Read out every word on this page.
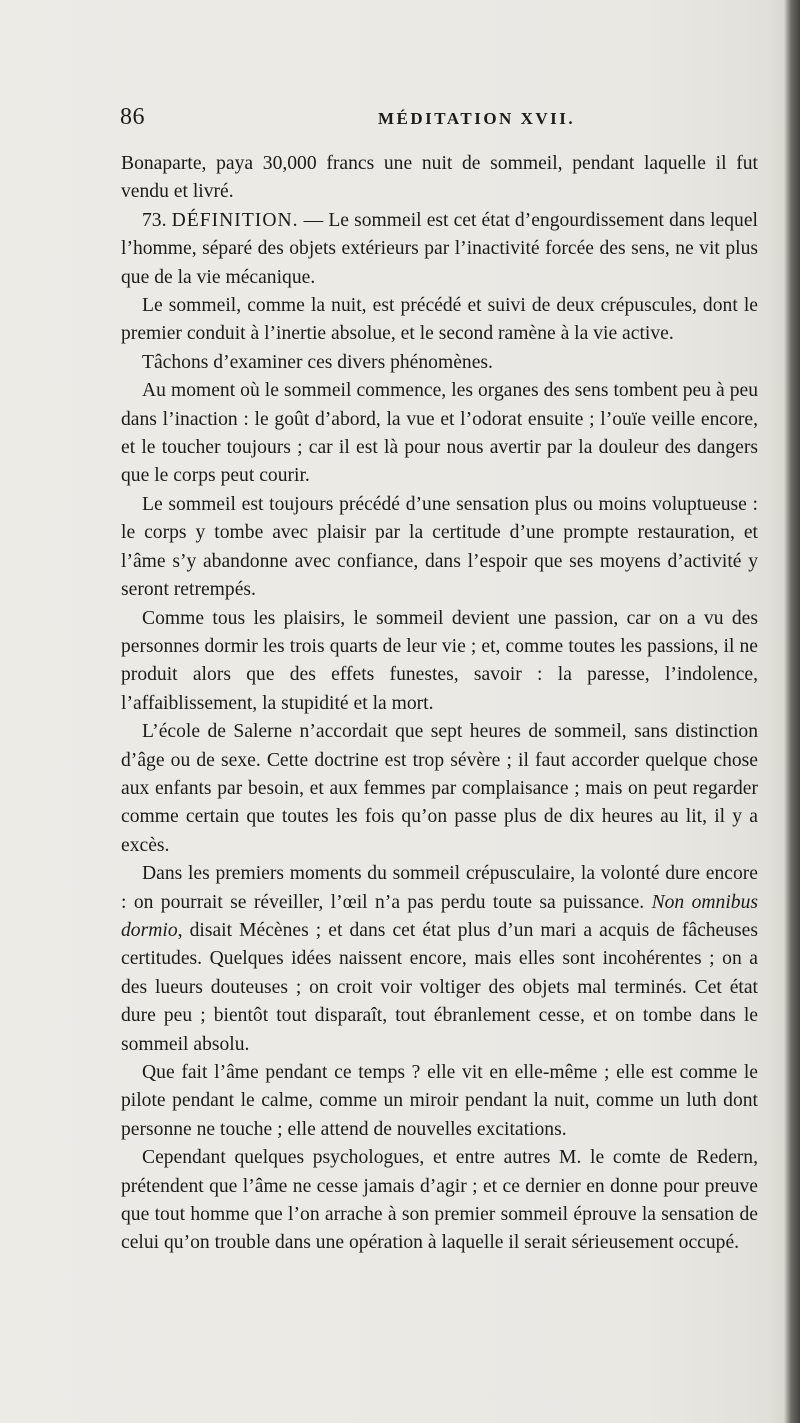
86	MÉDITATION XVII.

Bonaparte, paya 30,000 francs une nuit de sommeil, pendant laquelle il fut vendu et livré.

73. DÉFINITION. — Le sommeil est cet état d’engourdissement dans lequel l’homme, séparé des objets extérieurs par l’inactivité forcée des sens, ne vit plus que de la vie mécanique.

Le sommeil, comme la nuit, est précédé et suivi de deux crépuscules, dont le premier conduit à l’inertie absolue, et le second ramène à la vie active.

Tâchons d’examiner ces divers phénomènes.

Au moment où le sommeil commence, les organes des sens tombent peu à peu dans l’inaction : le goût d’abord, la vue et l’odorat ensuite ; l’ouïe veille encore, et le toucher toujours ; car il est là pour nous avertir par la douleur des dangers que le corps peut courir.

Le sommeil est toujours précédé d’une sensation plus ou moins voluptueuse : le corps y tombe avec plaisir par la certitude d’une prompte restauration, et l’âme s’y abandonne avec confiance, dans l’espoir que ses moyens d’activité y seront retrempés.

Comme tous les plaisirs, le sommeil devient une passion, car on a vu des personnes dormir les trois quarts de leur vie ; et, comme toutes les passions, il ne produit alors que des effets funestes, savoir : la paresse, l’indolence, l’affaiblissement, la stupidité et la mort.

L’école de Salerne n’accordait que sept heures de sommeil, sans distinction d’âge ou de sexe. Cette doctrine est trop sévère ; il faut accorder quelque chose aux enfants par besoin, et aux femmes par complaisance ; mais on peut regarder comme certain que toutes les fois qu’on passe plus de dix heures au lit, il y a excès.

Dans les premiers moments du sommeil crépusculaire, la volonté dure encore : on pourrait se réveiller, l’œil n’a pas perdu toute sa puissance. Non omnibus dormio, disait Mécènes ; et dans cet état plus d’un mari a acquis de fâcheuses certitudes. Quelques idées naissent encore, mais elles sont incohérentes ; on a des lueurs douteuses ; on croit voir voltiger des objets mal terminés. Cet état dure peu ; bientôt tout disparaît, tout ébranlement cesse, et on tombe dans le sommeil absolu.

Que fait l’âme pendant ce temps ? elle vit en elle-même ; elle est comme le pilote pendant le calme, comme un miroir pendant la nuit, comme un luth dont personne ne touche ; elle attend de nouvelles excitations.

Cependant quelques psychologues, et entre autres M. le comte de Redern, prétendent que l’âme ne cesse jamais d’agir ; et ce dernier en donne pour preuve que tout homme que l’on arrache à son premier sommeil éprouve la sensation de celui qu’on trouble dans une opération à laquelle il serait sérieusement occupé.
